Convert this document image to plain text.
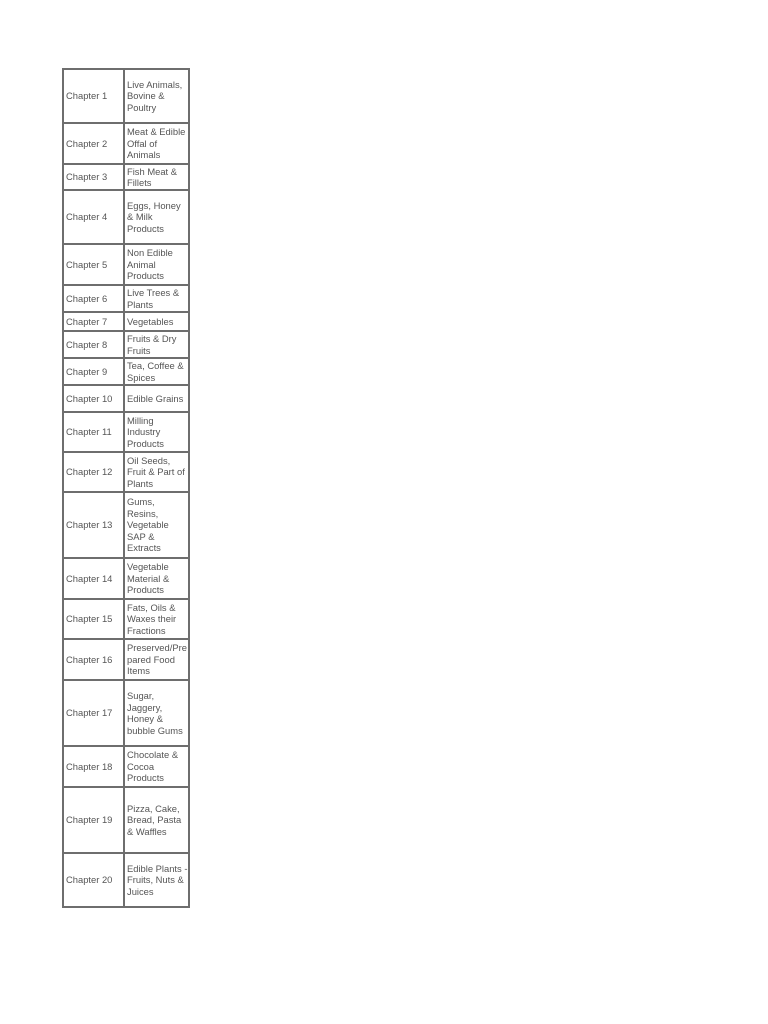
Chapter 1	Live Animals, Bovine & Poultry
Chapter 2	Meat & Edible Offal of Animals
Chapter 3	Fish Meat & Fillets
Chapter 4	Eggs, Honey & Milk Products
Chapter 5	Non Edible Animal Products
Chapter 6	Live Trees & Plants
Chapter 7	Vegetables
Chapter 8	Fruits & Dry Fruits
Chapter 9	Tea, Coffee & Spices
Chapter 10	Edible Grains
Chapter 11	Milling Industry Products
Chapter 12	Oil Seeds, Fruit & Part of Plants
Chapter 13	Gums, Resins, Vegetable SAP & Extracts
Chapter 14	Vegetable Material & Products
Chapter 15	Fats, Oils & Waxes their Fractions
Chapter 16	Preserved/Prepared Food Items
Chapter 17	Sugar, Jaggery, Honey & bubble Gums
Chapter 18	Chocolate & Cocoa Products
Chapter 19	Pizza, Cake, Bread, Pasta & Waffles
Chapter 20	Edible Plants - Fruits, Nuts & Juices
